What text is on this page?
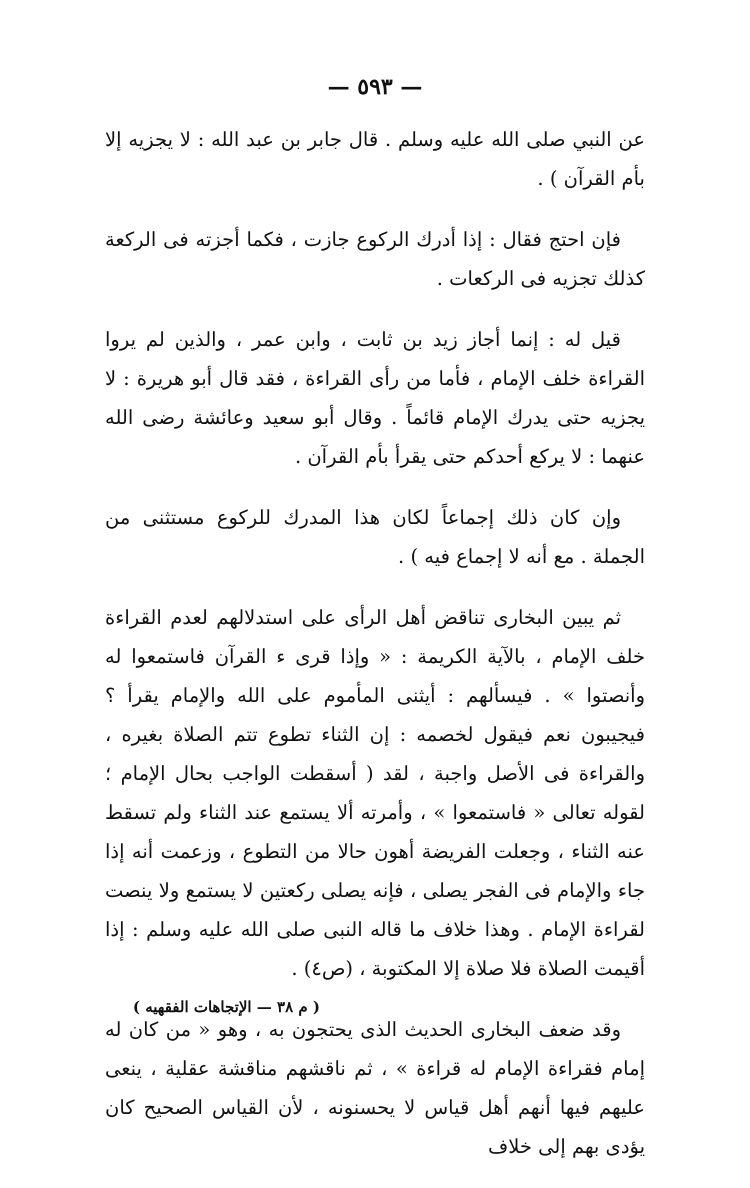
— ٥٩٣ —

عن النبي صلى الله عليه وسلم . قال جابر بن عبد الله : لا يجزيه إلا بأم القرآن ) .

فإن احتج فقال : إذا أدرك الركوع جازت ، فكما أجزته فى الركعة كذلك تجزيه فى الركعات .

قيل له : إنما أجاز زيد بن ثابت ، وابن عمر ، والذين لم يروا القراءة خلف الإمام ، فأما من رأى القراءة ، فقد قال أبو هريرة : لا يجزيه حتى يدرك الإمام قائماً . وقال أبو سعيد وعائشة رضى الله عنهما : لا يركع أحدكم حتى يقرأ بأم القرآن .

وإن كان ذلك إجماعاً لكان هذا المدرك للركوع مستثنى من الجملة . مع أنه لا إجماع فيه ) .

ثم يبين البخارى تناقض أهل الرأى على استدلالهم لعدم القراءة خلف الإمام ، بالآية الكريمة : « وإذا قرى ء القرآن فاستمعوا له وأنصتوا » . فيسألهم : أيثنى المأموم على الله والإمام يقرأ ؟ فيجيبون نعم فيقول لخصمه : إن الثناء تطوع تتم الصلاة بغيره ، والقراءة فى الأصل واجبة ، لقد ( أسقطت الواجب بحال الإمام ؛ لقوله تعالى « فاستمعوا » ، وأمرته ألا يستمع عند الثناء ولم تسقط عنه الثناء ، وجعلت الفريضة أهون حالا من التطوع ، وزعمت أنه إذا جاء والإمام فى الفجر يصلى ، فإنه يصلى ركعتين لا يستمع ولا ينصت لقراءة الإمام . وهذا خلاف ما قاله النبى صلى الله عليه وسلم : إذا أقيمت الصلاة فلا صلاة إلا المكتوبة ، (ص٤) .

وقد ضعف البخارى الحديث الذى يحتجون به ، وهو « من كان له إمام فقراءة الإمام له قراءة » ، ثم ناقشهم مناقشة عقلية ، ينعى عليهم فيها أنهم أهل قياس لا يحسنونه ، لأن القياس الصحيح كان يؤدى بهم إلى خلاف

( م ٣٨ — الإتجاهات الفقهيه )
